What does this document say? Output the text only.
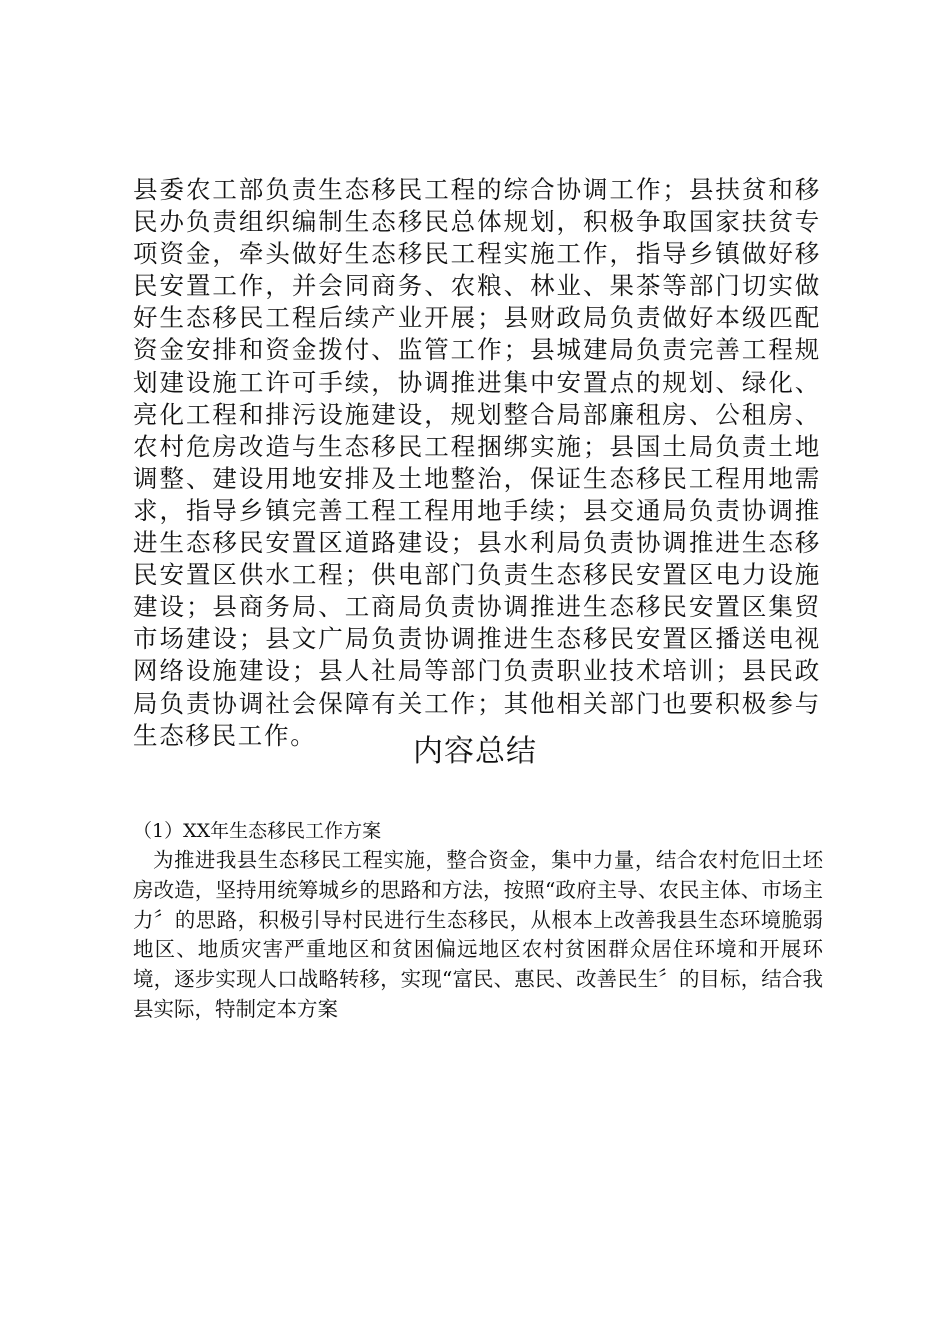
县委农工部负责生态移民工程的综合协调工作；县扶贫和移民办负责组织编制生态移民总体规划，积极争取国家扶贫专项资金，牵头做好生态移民工程实施工作，指导乡镇做好移民安置工作，并会同商务、农粮、林业、果茶等部门切实做好生态移民工程后续产业开展；县财政局负责做好本级匹配资金安排和资金拨付、监管工作；县城建局负责完善工程规划建设施工许可手续，协调推进集中安置点的规划、绿化、亮化工程和排污设施建设，规划整合局部廉租房、公租房、农村危房改造与生态移民工程捆绑实施；县国土局负责土地调整、建设用地安排及土地整治，保证生态移民工程用地需求，指导乡镇完善工程工程用地手续；县交通局负责协调推进生态移民安置区道路建设；县水利局负责协调推进生态移民安置区供水工程；供电部门负责生态移民安置区电力设施建设；县商务局、工商局负责协调推进生态移民安置区集贸市场建设；县文广局负责协调推进生态移民安置区播送电视网络设施建设；县人社局等部门负责职业技术培训；县民政局负责协调社会保障有关工作；其他相关部门也要积极参与生态移民工作。	内容总结
（1）XX年生态移民工作方案

为推进我县生态移民工程实施，整合资金，集中力量，结合农村危旧土坯房改造，坚持用统筹城乡的思路和方法，按照“政府主导、农民主体、市场主力〞的思路，积极引导村民进行生态移民，从根本上改善我县生态环境脆弱地区、地质灾害严重地区和贫困偏远地区农村贫困群众居住环境和开展环境，逐步实现人口战略转移，实现“富民、惠民、改善民生〞的目标，结合我县实际，特制定本方案
